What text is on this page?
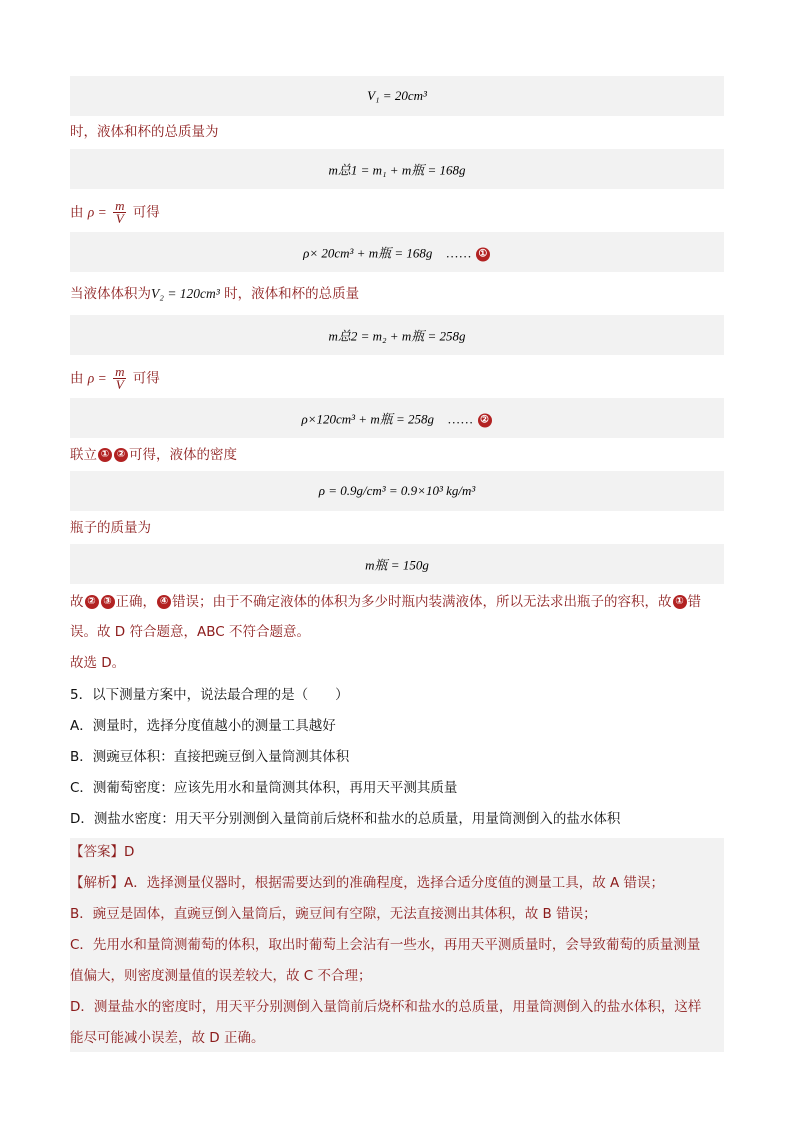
V₁ = 20cm³
时，液体和杯的总质量为
m总1 = m₁ + m瓶 = 168g
由 $\rho = \frac{m}{V}$ 可得
ρ× 20cm³ + m瓶 = 168g …… ①
当液体体积为V₂ = 120cm³ 时，液体和杯的总质量
m总2 = m₂ + m瓶 = 258g
由 $\rho = \frac{m}{V}$ 可得
ρ×120cm³ + m瓶 = 258g …… ②
联立 ① ② 可得，液体的密度
ρ = 0.9g/cm³ = 0.9×10³ kg/m³
瓶子的质量为
m瓶 = 150g
故 ② ③ 正确， ④ 错误；由于不确定液体的体积为多少时瓶内装满液体，所以无法求出瓶子的容积，故 ① 错
误。故 D 符合题意，ABC 不符合题意。
故选 D。
5．以下测量方案中，说法最合理的是（　　）
A．测量时，选择分度值越小的测量工具越好
B．测豌豆体积：直接把豌豆倒入量筒测其体积
C．测葡萄密度：应该先用水和量筒测其体积，再用天平测其质量
D．测盐水密度：用天平分别测倒入量筒前后烧杯和盐水的总质量，用量筒测倒入的盐水体积
【答案】D
【解析】A．选择测量仪器时，根据需要达到的准确程度，选择合适分度值的测量工具，故 A 错误；
B．豌豆是固体，直豌豆倒入量筒后，豌豆间有空隙，无法直接测出其体积，故 B 错误；
C．先用水和量筒测葡萄的体积，取出时葡萄上会沾有一些水，再用天平测质量时，会导致葡萄的质量测量
值偏大，则密度测量值的误差较大，故 C 不合理；
D．测量盐水的密度时，用天平分别测倒入量筒前后烧杯和盐水的总质量，用量筒测倒入的盐水体积，这样
能尽可能减小误差，故 D 正确。
